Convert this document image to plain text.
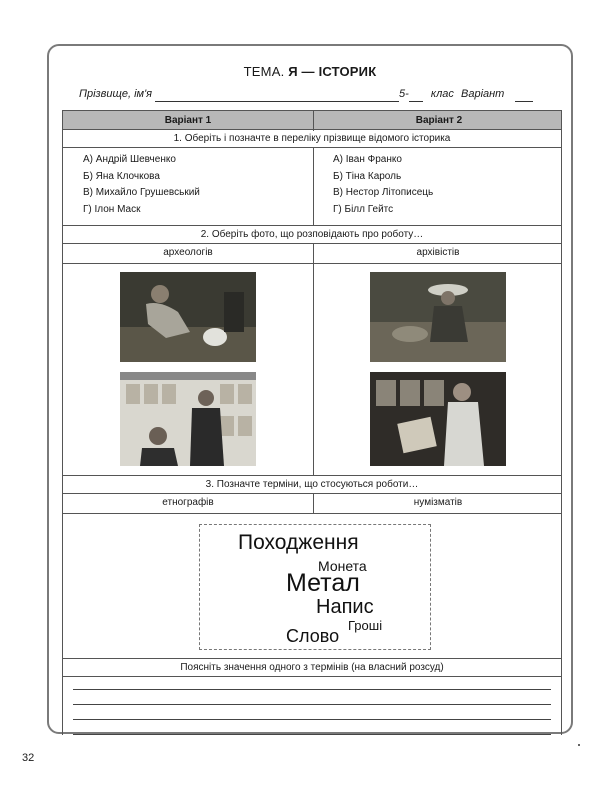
ТЕМА. Я — ІСТОРИК
Прізвище, ім'я	5- клас Варіант
Варіант 1	Варіант 2
1. Оберіть і позначте в переліку прізвище відомого історика
А) Андрій Шевченко
Б) Яна Клочкова
В) Михайло Грушевський
Г) Ілон Маск
А) Іван Франко
Б) Тіна Кароль
В) Нестор Літописець
Г) Білл Гейтс
2. Оберіть фото, що розповідають про роботу…
археологів	архівістів
3. Позначте терміни, що стосуються роботи…
етнографів	нумізматів
Поясніть значення одного з термінів (на власний розсуд)
Походження
Монета
Метал
Напис
Гроші
Слово
32
